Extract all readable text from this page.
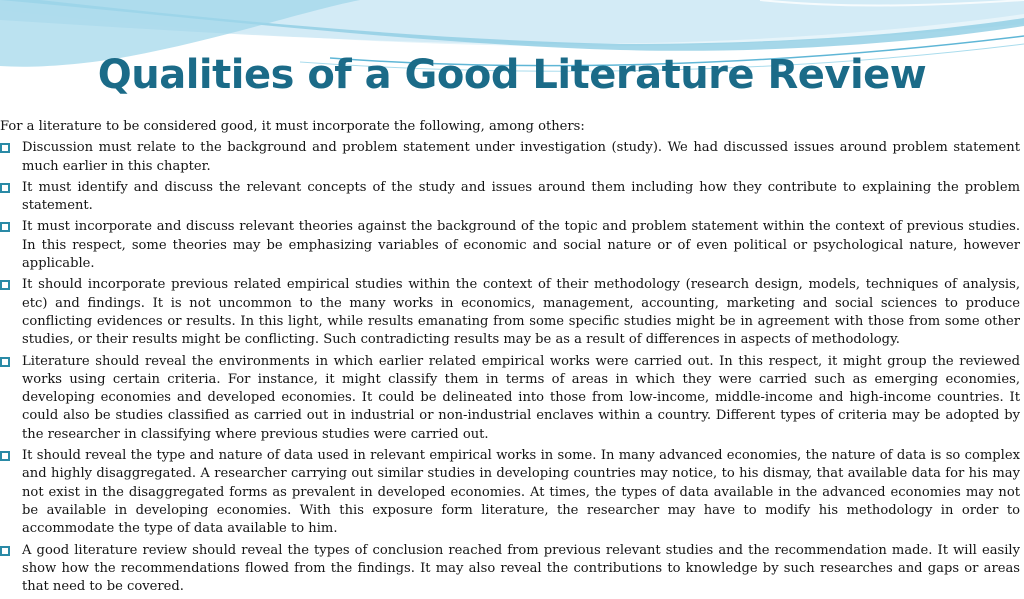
Qualities of a Good Literature Review

For a literature to be considered good, it must incorporate the following, among others:

Discussion must relate to the background and problem statement under investigation (study). We had discussed issues around problem statement much earlier in this chapter.
It must identify and discuss the relevant concepts of the study and issues around them including how they contribute to explaining the problem statement.
It must incorporate and discuss relevant theories against the background of the topic and problem statement within the context of previous studies. In this respect, some theories may be emphasizing variables of economic and social nature or of even political or psychological nature, however applicable.
It should incorporate previous related empirical studies within the context of their methodology (research design, models, techniques of analysis, etc) and findings. It is not uncommon to the many works in economics, management, accounting, marketing and social sciences to produce conflicting evidences or results. In this light, while results emanating from some specific studies might be in agreement with those from some other studies, or their results might be conflicting. Such contradicting results may be as a result of differences in aspects of methodology.
Literature should reveal the environments in which earlier related empirical works were carried out. In this respect, it might group the reviewed works using certain criteria. For instance, it might classify them in terms of areas in which they were carried such as emerging economies, developing economies and developed economies. It could be delineated into those from low-income, middle-income and high-income countries. It could also be studies classified as carried out in industrial or non-industrial enclaves within a country. Different types of criteria may be adopted by the researcher in classifying where previous studies were carried out.
It should reveal the type and nature of data used in relevant empirical works in some. In many advanced economies, the nature of data is so complex and highly disaggregated. A researcher carrying out similar studies in developing countries may notice, to his dismay, that available data for his may not exist in the disaggregated forms as prevalent in developed economies. At times, the types of data available in the advanced economies may not be available in developing economies. With this exposure form literature, the researcher may have to modify his methodology in order to accommodate the type of data available to him.
A good literature review should reveal the types of conclusion reached from previous relevant studies and the recommendation made. It will easily show how the recommendations flowed from the findings. It may also reveal the contributions to knowledge by such researches and gaps or areas that need to be covered.
